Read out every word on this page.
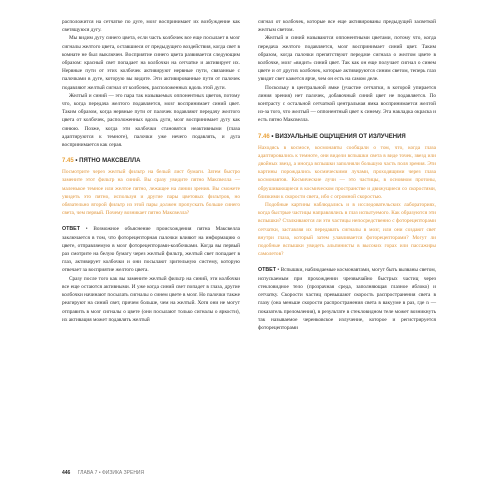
расположится на сетчатке по дуге, мозг воспринимает их возбуждение как светящуюся дугу.

Мы видим дугу синего цвета, если часть колбочек все еще посылает в мозг сигналы желтого цвета, оставшиеся от предыдущего воздействия, когда свет в комнате не был выключен. Восприятие синего цвета развивается следующим образом: красный свет попадает на колбочки на сетчатке и активирует их. Нервные пути от этих колбочек активируют нервные пути, связанные с палочками в дуге, которую вы видите. Эти активированные пути от палочек подавляют желтый сигнал от колбочек, расположенных вдоль этой дуги.

Желтый и синий — это пара так называемых оппонентных цветов, потому что, когда передача желтого подавляется, мозг воспринимает синий цвет. Таким образом, когда нервные пути от палочек подавляют передачу желтого цвета от колбочек, расположенных вдоль дуги, мозг воспринимает дугу как синюю. Позже, когда эти колбочки становятся неактивными (глаза адаптируются к темноте), палочки уже нечего подавлять, и дуга воспринимается как серая.

7.45 • ПЯТНО МАКСВЕЛЛА

Посмотрите через желтый фильтр на белый лист бумаги. Затем быстро замените этот фильтр на синий. Вы сразу увидите пятно Максвелла — маленькое темное или желтое пятно, лежащее на линии зрения. Вы сможете увидеть это пятно, используя и другие пары цветовых фильтров, но обязательно второй фильтр из этой пары должен пропускать больше синего света, чем первый. Почему возникает пятно Максвелла?

ОТВЕТ • Возможное объяснение происхождения пятна Максвелла заключается в том, что фоторецепторная палочки влияют на информацию о цвете, отправляемую в мозг фоторецепторами-колбочками. Когда вы первый раз смотрите на белую бумагу через желтый фильтр, желтый свет попадает в глаз, активирует колбочки и они посылают зрительную систему, которую отвечает за восприятие желтого цвета.

Сразу после того как вы замените желтый фильтр на синий, эти колбочки все еще остаются активными. И уже когда синий свет попадет в глаза, другие колбочки начинают посылать сигналы о синем цвете в мозг. Но палочки также реагируют на синий свет, причем больше, чем на желтый. Хотя они не могут отправить в мозг сигналы о цвете (они посылают только сигналы о яркости), их активация может подавлять желтый

сигнал от колбочек, которые все еще активированы предыдущей засветкой желтым светом.

Желтый и синий называются оппонентными цветами, потому что, когда передача желтого подавляется, мозг воспринимает синий цвет. Таким образом, когда палочки препятствуют передаче сигнала о желтом цвете в колбочке, мозг «видит» синий цвет. Так как он еще получает сигнал о синем цвете и от других колбочек, которые активируются синим светом, теперь глаз увидит свет кажется ярче, чем он есть на самом деле.

Поскольку в центральной ямке (участие сетчатки, в которой упирается линия зрения) нет палочек, добавочный синий цвет не подавляется. По контрасту с остальной сетчаткой центральная ямка воспринимается желтой из-за того, что желтый — оппонентный цвет к синему. Эта накладка окраска и есть пятно Максвелла.

7.46 • ВИЗУАЛЬНЫЕ ОЩУЩЕНИЯ ОТ ИЗЛУЧЕНИЯ

Находясь в космосе, космонавты сообщали о том, что, когда глаза адаптировались к темноте, они видели вспышки света в виде точек, звезд или двойных звезд, а иногда вспышки заполняли большую часть поля зрения. Эти картины порождались космическими лучами, проходящими через глаза космонавтов. Космические лучи — это частицы, в основном протоны, обрушивающиеся в космическом пространстве и движущиеся со скоростями, близкими к скорости света, ибо с огромной скоростью.

Подобные картины наблюдались и в исследовательских лабораториях, когда быстрые частицы направлялись в глаз испытуемого. Как образуются эти вспышки? Сталкиваются ли эти частицы непосредственно с фоторецепторами сетчатки, заставляя их передавать сигналы в мозг, или они создают свет внутри глаза, который затем улавливается фоторецепторами? Могут ли подобные вспышки увидеть альпинисты в высоких горах или пассажиры самолетов?

ОТВЕТ • Вспышки, наблюдаемые космонавтами, могут быть вызваны светом, испускаемым при прохождении чрезвычайно быстрых частиц через стекловидное тело (прозрачная среда, заполняющая глазное яблоко) и сетчатку. Скорости частиц превышают скорость распространения света в глазу (она меньше скорости распространения света в вакууме в раз, где n — показатель преломления), в результате в стекловидном теле может возникнуть так называемое черенковское излучение, которое и регистрируется фоторецепторами

446 ГЛАВА 7 • ФИЗИКА ЗРЕНИЯ
